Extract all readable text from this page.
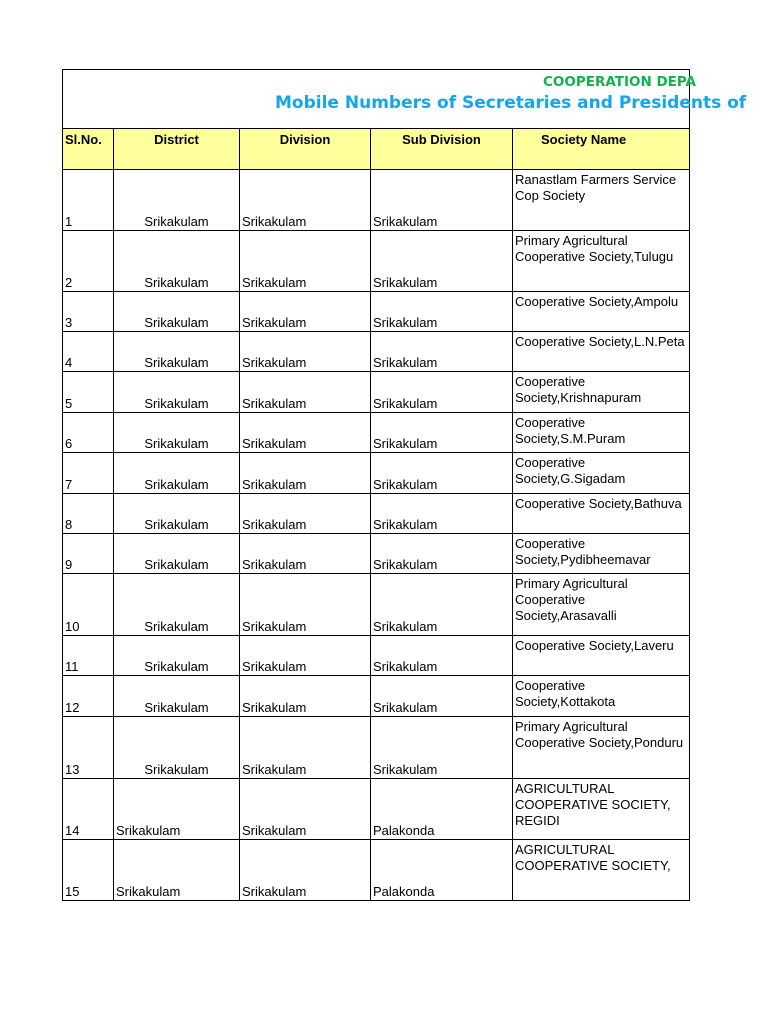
COOPERATION DEPA
Mobile Numbers of Secretaries and Presidents of				

Sl.No.	District	Division	Sub Division	Society Name
1	Srikakulam	Srikakulam	Srikakulam	Ranastlam Farmers Service Cop Society
2	Srikakulam	Srikakulam	Srikakulam	Primary Agricultural Cooperative Society,Tulugu
3	Srikakulam	Srikakulam	Srikakulam	Cooperative Society,Ampolu
4	Srikakulam	Srikakulam	Srikakulam	Cooperative Society,L.N.Peta
5	Srikakulam	Srikakulam	Srikakulam	Cooperative Society,Krishnapuram
6	Srikakulam	Srikakulam	Srikakulam	Cooperative Society,S.M.Puram
7	Srikakulam	Srikakulam	Srikakulam	Cooperative Society,G.Sigadam
8	Srikakulam	Srikakulam	Srikakulam	Cooperative Society,Bathuva
9	Srikakulam	Srikakulam	Srikakulam	Cooperative Society,Pydibheemavar
10	Srikakulam	Srikakulam	Srikakulam	Primary Agricultural Cooperative Society,Arasavalli
11	Srikakulam	Srikakulam	Srikakulam	Cooperative Society,Laveru
12	Srikakulam	Srikakulam	Srikakulam	Cooperative Society,Kottakota
13	Srikakulam	Srikakulam	Srikakulam	Primary Agricultural Cooperative Society,Ponduru
14	Srikakulam	Srikakulam	Palakonda	AGRICULTURAL COOPERATIVE SOCIETY, REGIDI
15	Srikakulam	Srikakulam	Palakonda	AGRICULTURAL COOPERATIVE SOCIETY,
